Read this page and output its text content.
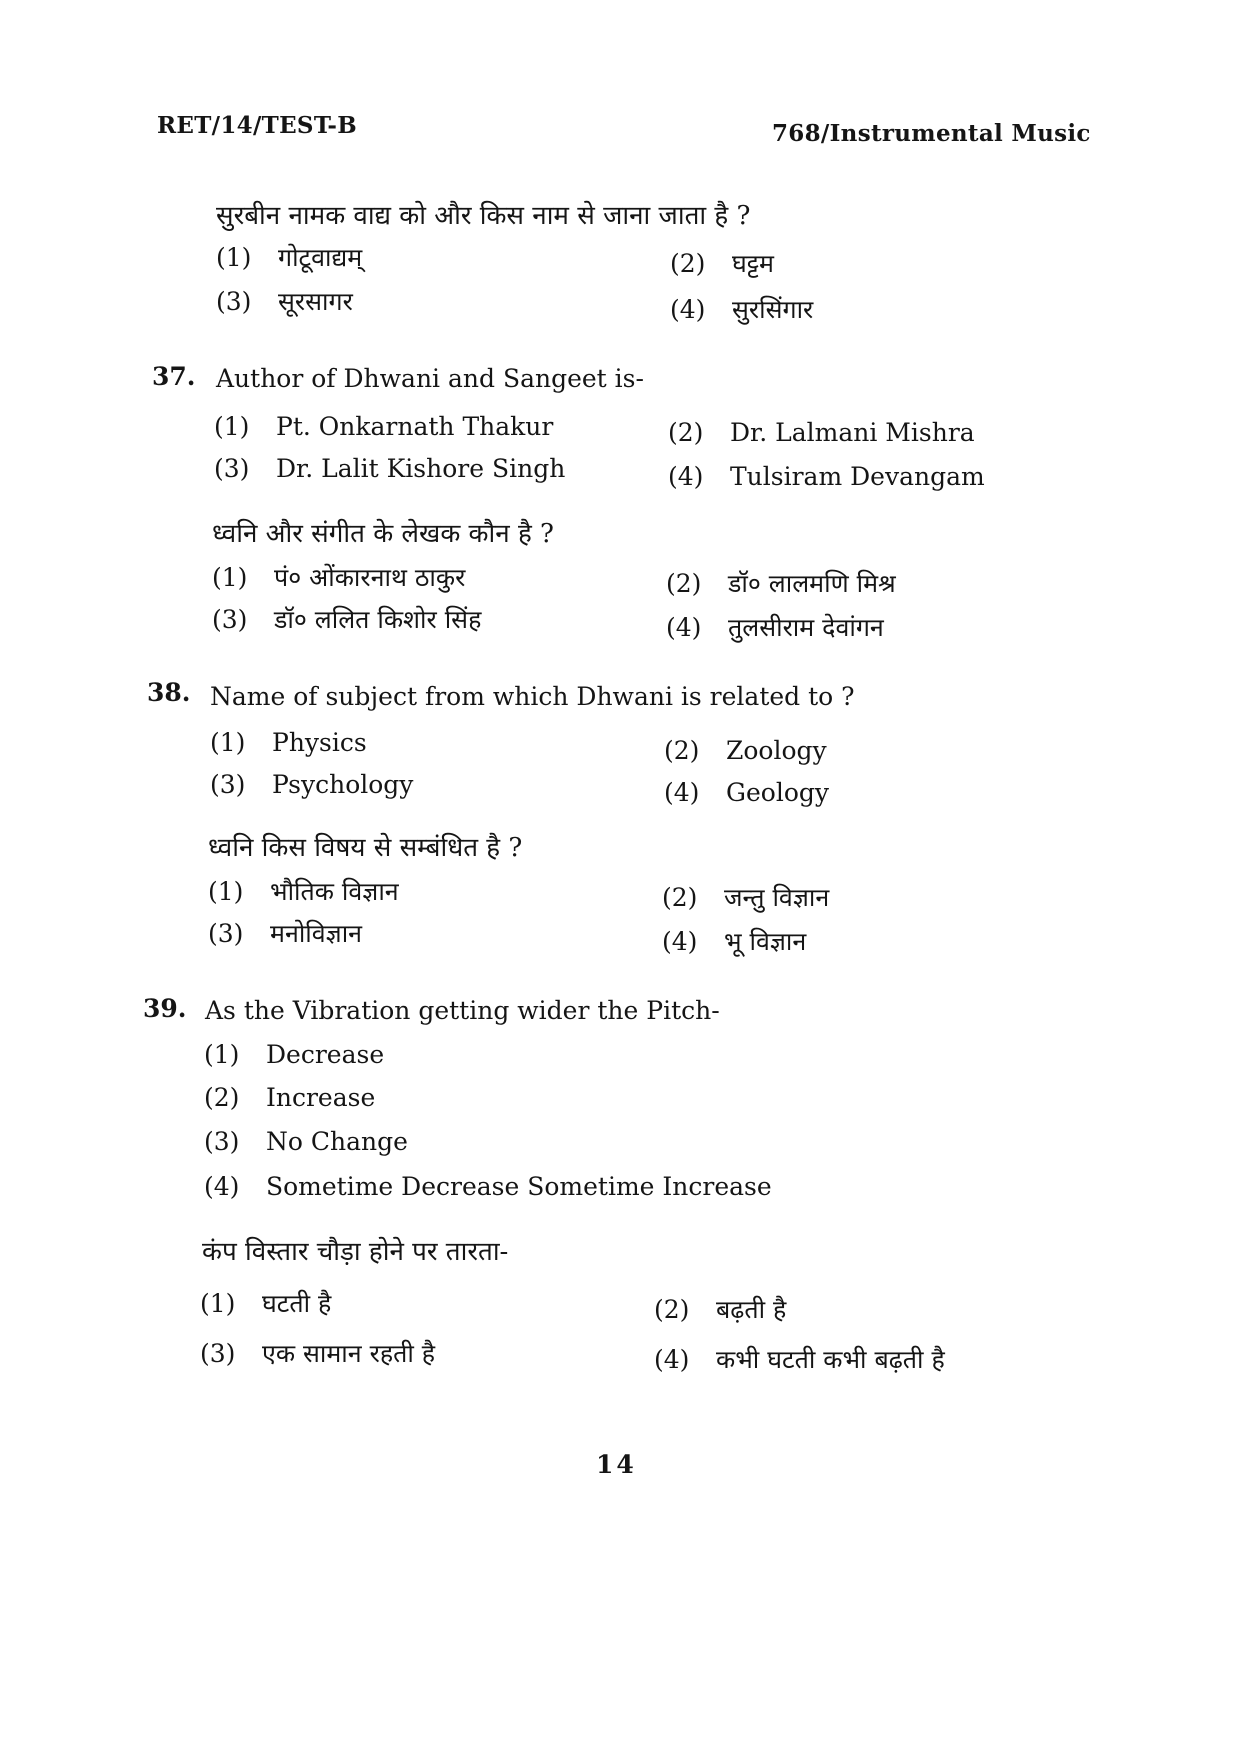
RET/14/TEST-B	768/Instrumental Music
सुरबीन नामक वाद्य को और किस नाम से जाना जाता है ?
(1) गोटूवाद्यम्	(2) घट्टम
(3) सूरसागर	(4) सुरसिंगार
37. Author of Dhwani and Sangeet is-
(1) Pt. Onkarnath Thakur	(2) Dr. Lalmani Mishra
(3) Dr. Lalit Kishore Singh	(4) Tulsiram Devangam
ध्वनि और संगीत के लेखक कौन है ?
(1) पं० ओंकारनाथ ठाकुर	(2) डॉ० लालमणि मिश्र
(3) डॉ० ललित किशोर सिंह	(4) तुलसीराम देवांगन
38. Name of subject from which Dhwani is related to ?
(1) Physics	(2) Zoology
(3) Psychology	(4) Geology
ध्वनि किस विषय से सम्बंधित है ?
(1) भौतिक विज्ञान	(2) जन्तु विज्ञान
(3) मनोविज्ञान	(4) भू विज्ञान
39. As the Vibration getting wider the Pitch-
(1) Decrease
(2) Increase
(3) No Change
(4) Sometime Decrease Sometime Increase
कंप विस्तार चौड़ा होने पर तारता-
(1) घटती है	(2) बढ़ती है
(3) एक सामान रहती है	(4) कभी घटती कभी बढ़ती है
14
